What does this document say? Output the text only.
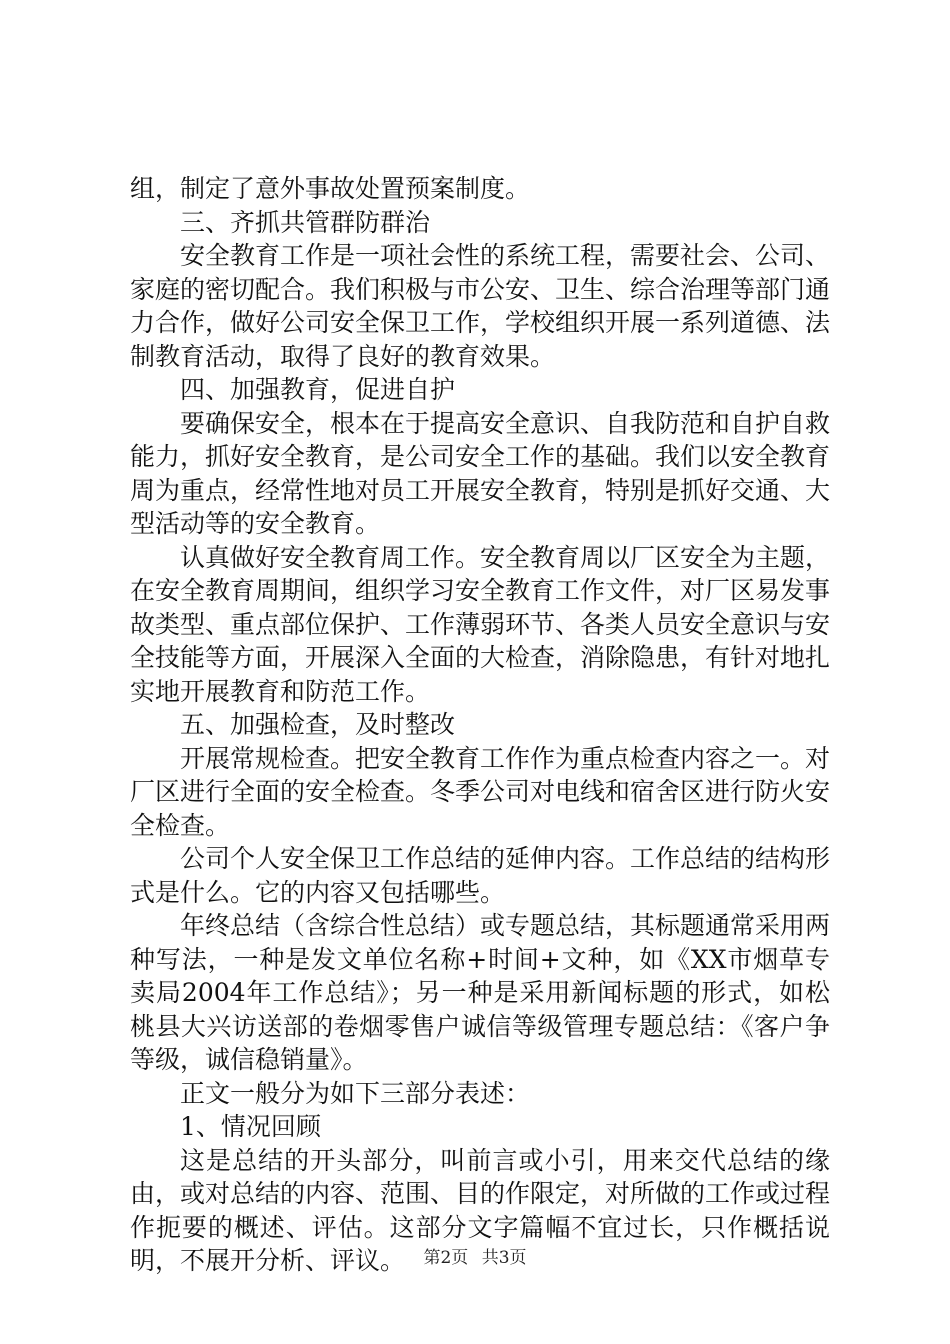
组，制定了意外事故处置预案制度。

三、齐抓共管群防群治

安全教育工作是一项社会性的系统工程，需要社会、公司、家庭的密切配合。我们积极与市公安、卫生、综合治理等部门通力合作，做好公司安全保卫工作，学校组织开展一系列道德、法制教育活动，取得了良好的教育效果。

四、加强教育，促进自护

要确保安全，根本在于提高安全意识、自我防范和自护自救能力，抓好安全教育，是公司安全工作的基础。我们以安全教育周为重点，经常性地对员工开展安全教育，特别是抓好交通、大型活动等的安全教育。

认真做好安全教育周工作。安全教育周以厂区安全为主题，在安全教育周期间，组织学习安全教育工作文件，对厂区易发事故类型、重点部位保护、工作薄弱环节、各类人员安全意识与安全技能等方面，开展深入全面的大检查，消除隐患，有针对地扎实地开展教育和防范工作。

五、加强检查，及时整改

开展常规检查。把安全教育工作作为重点检查内容之一。对厂区进行全面的安全检查。冬季公司对电线和宿舍区进行防火安全检查。

公司个人安全保卫工作总结的延伸内容。工作总结的结构形式是什么。它的内容又包括哪些。

年终总结（含综合性总结）或专题总结，其标题通常采用两种写法，一种是发文单位名称+时间+文种，如《XX市烟草专卖局2004年工作总结》；另一种是采用新闻标题的形式，如松桃县大兴访送部的卷烟零售户诚信等级管理专题总结：《客户争等级，诚信稳销量》。

正文一般分为如下三部分表述：

1、情况回顾

这是总结的开头部分，叫前言或小引，用来交代总结的缘由，或对总结的内容、范围、目的作限定，对所做的工作或过程作扼要的概述、评估。这部分文字篇幅不宜过长，只作概括说明，不展开分析、评议。	第2页 共3页
